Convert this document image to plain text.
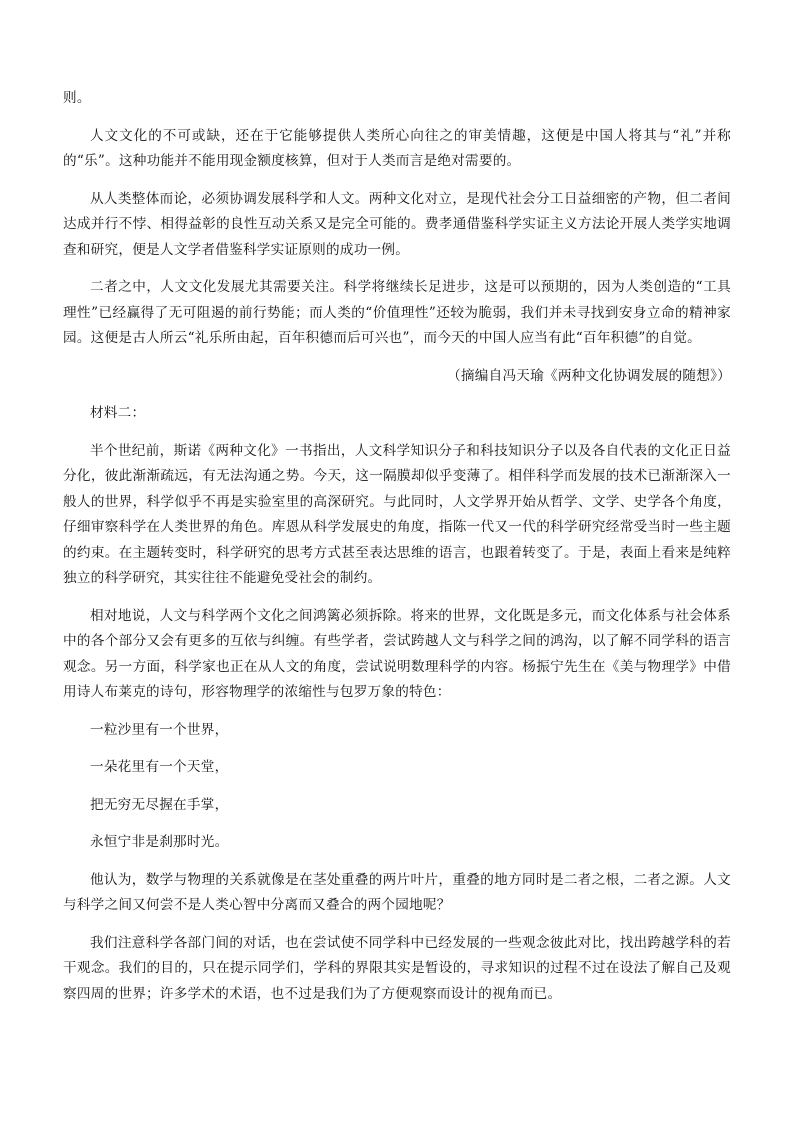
则。

人文文化的不可或缺，还在于它能够提供人类所心向往之的审美情趣，这便是中国人将其与“礼”并称的“乐”。这种功能并不能用现金额度核算，但对于人类而言是绝对需要的。

从人类整体而论，必须协调发展科学和人文。两种文化对立，是现代社会分工日益细密的产物，但二者间达成并行不悖、相得益彰的良性互动关系又是完全可能的。费孝通借鉴科学实证主义方法论开展人类学实地调查和研究，便是人文学者借鉴科学实证原则的成功一例。

二者之中，人文文化发展尤其需要关注。科学将继续长足进步，这是可以预期的，因为人类创造的“工具理性”已经赢得了无可阻遏的前行势能；而人类的“价值理性”还较为脆弱，我们并未寻找到安身立命的精神家园。这便是古人所云“礼乐所由起，百年积德而后可兴也”，而今天的中国人应当有此“百年积德”的自觉。

（摘编自冯天瑜《两种文化协调发展的随想》）

材料二：

半个世纪前，斯诺《两种文化》一书指出，人文科学知识分子和科技知识分子以及各自代表的文化正日益分化，彼此渐渐疏远，有无法沟通之势。今天，这一隔膜却似乎变薄了。相伴科学而发展的技术已渐渐深入一般人的世界，科学似乎不再是实验室里的高深研究。与此同时，人文学界开始从哲学、文学、史学各个角度，仔细审察科学在人类世界的角色。库恩从科学发展史的角度，指陈一代又一代的科学研究经常受当时一些主题的约束。在主题转变时，科学研究的思考方式甚至表达思维的语言，也跟着转变了。于是，表面上看来是纯粹独立的科学研究，其实往往不能避免受社会的制约。

相对地说，人文与科学两个文化之间鸿篱必须拆除。将来的世界，文化既是多元，而文化体系与社会体系中的各个部分又会有更多的互依与纠缠。有些学者，尝试跨越人文与科学之间的鸿沟，以了解不同学科的语言观念。另一方面，科学家也正在从人文的角度，尝试说明数理科学的内容。杨振宁先生在《美与物理学》中借用诗人布莱克的诗句，形容物理学的浓缩性与包罗万象的特色：

一粒沙里有一个世界，

一朵花里有一个天堂，

把无穷无尽握在手掌，

永恒宁非是刹那时光。

他认为，数学与物理的关系就像是在茎处重叠的两片叶片，重叠的地方同时是二者之根，二者之源。人文与科学之间又何尝不是人类心智中分离而又叠合的两个园地呢？

我们注意科学各部门间的对话，也在尝试使不同学科中已经发展的一些观念彼此对比，找出跨越学科的若干观念。我们的目的，只在提示同学们，学科的界限其实是暂设的，寻求知识的过程不过在设法了解自己及观察四周的世界；许多学术的术语，也不过是我们为了方便观察而设计的视角而已。
